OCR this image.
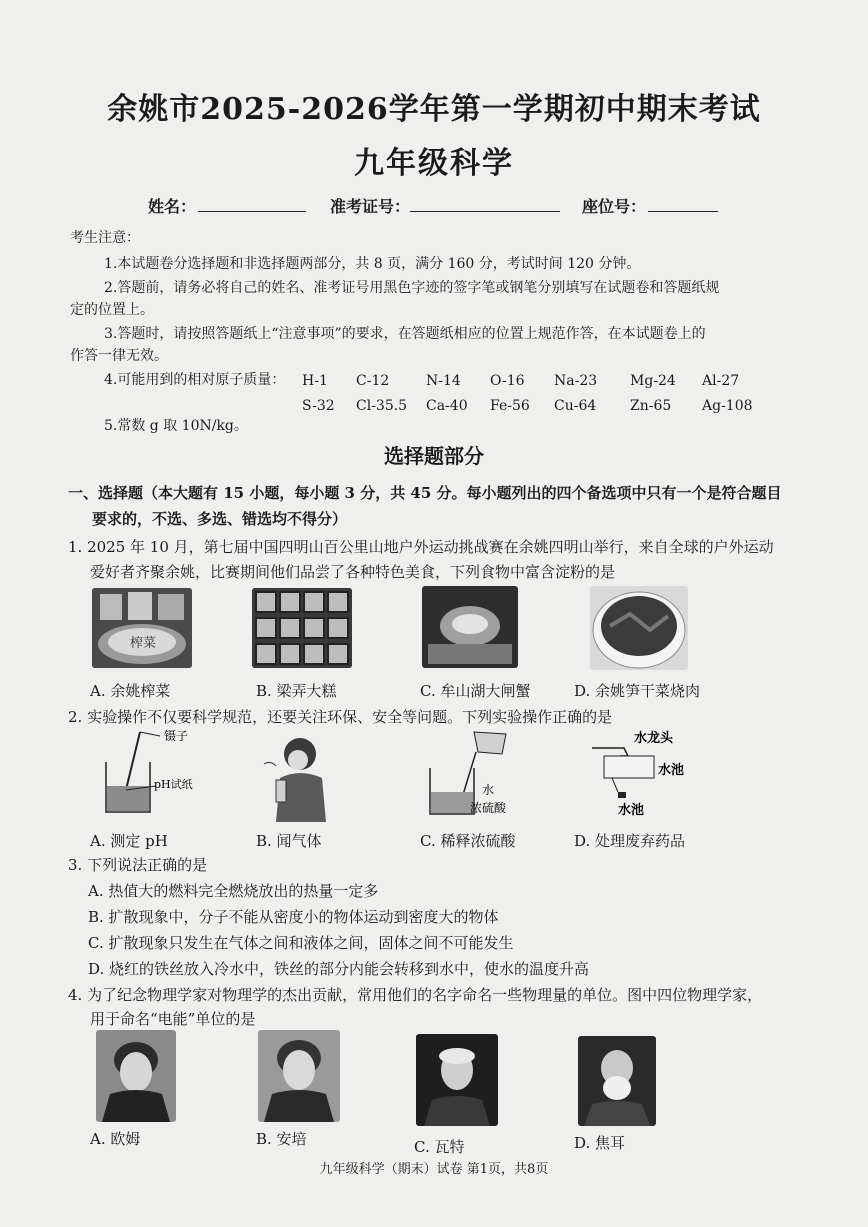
余姚市2025-2026学年第一学期初中期末考试
九年级科学
姓名：	准考证号：	座位号：
考生注意：
1.本试题卷分选择题和非选择题两部分，共 8 页，满分 160 分，考试时间 120 分钟。
2.答题前，请务必将自己的姓名、准考证号用黑色字迹的签字笔或钢笔分别填写在试题卷和答题纸规
定的位置上。
3.答题时，请按照答题纸上“注意事项”的要求，在答题纸相应的位置上规范作答，在本试题卷上的
作答一律无效。
4.可能用到的相对原子质量： H-1	C-12	N-14	O-16	Na-23	Mg-24	Al-27
S-32	Cl-35.5	Ca-40	Fe-56	Cu-64	Zn-65	Ag-108
5.常数 g 取 10N/kg。
选择题部分
一、选择题（本大题有 15 小题，每小题 3 分，共 45 分。每小题列出的四个备选项中只有一个是符合题目
要求的，不选、多选、错选均不得分）
1. 2025 年 10 月，第七届中国四明山百公里山地户外运动挑战赛在余姚四明山举行，来自全球的户外运动
爱好者齐聚余姚，比赛期间他们品尝了各种特色美食，下列食物中富含淀粉的是
榨菜
A. 余姚榨菜	B. 梁弄大糕	C. 牟山湖大闸蟹	D. 余姚笋干菜烧肉
2. 实验操作不仅要科学规范，还要关注环保、安全等问题。下列实验操作正确的是
镊子
pH试纸	水
浓硫酸
水龙头
水池
水池
A. 测定 pH	B. 闻气体	C. 稀释浓硫酸	D. 处理废弃药品
3. 下列说法正确的是
A. 热值大的燃料完全燃烧放出的热量一定多
B. 扩散现象中，分子不能从密度小的物体运动到密度大的物体
C. 扩散现象只发生在气体之间和液体之间，固体之间不可能发生
D. 烧红的铁丝放入冷水中，铁丝的部分内能会转移到水中，使水的温度升高
4. 为了纪念物理学家对物理学的杰出贡献，常用他们的名字命名一些物理量的单位。图中四位物理学家，
用于命名“电能”单位的是
A. 欧姆	B. 安培	C. 瓦特	D. 焦耳
九年级科学（期末）试卷 第1页，共8页
